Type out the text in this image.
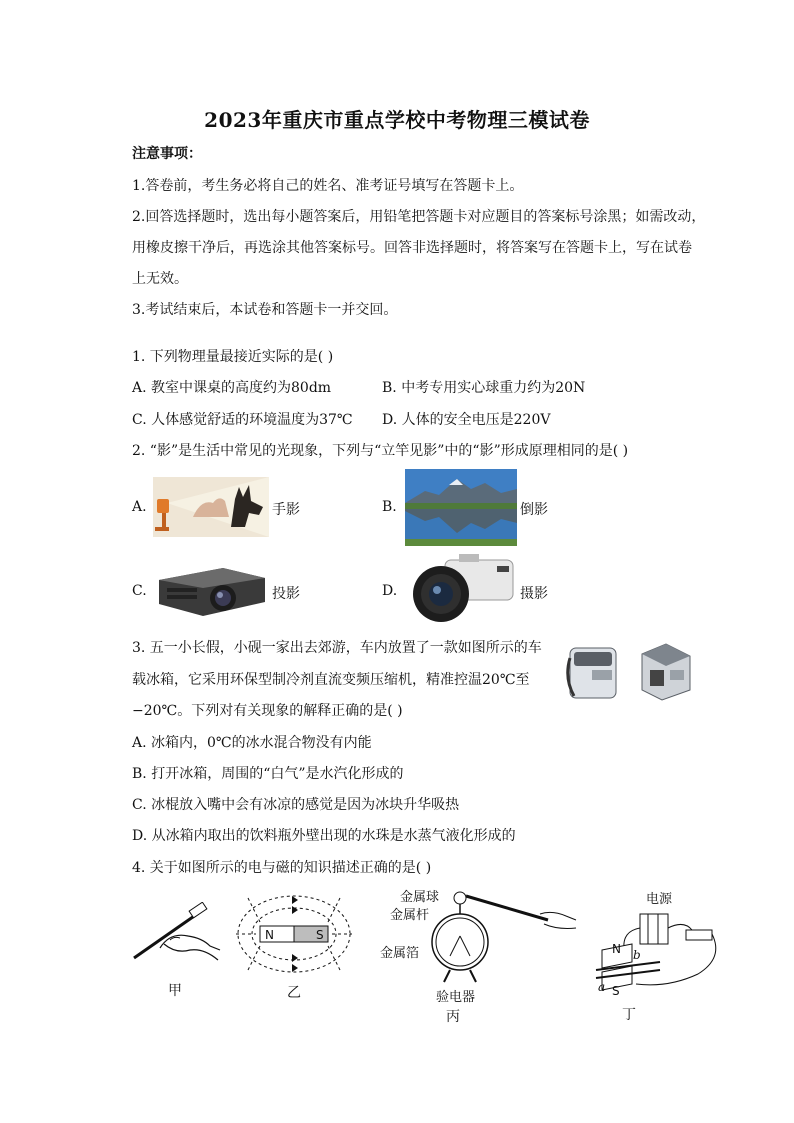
2023年重庆市重点学校中考物理三模试卷
注意事项：
1.答卷前，考生务必将自己的姓名、准考证号填写在答题卡上。
2.回答选择题时，选出每小题答案后，用铅笔把答题卡对应题目的答案标号涂黑；如需改动，
用橡皮擦干净后，再选涂其他答案标号。回答非选择题时，将答案写在答题卡上，写在试卷
上无效。
3.考试结束后，本试卷和答题卡一并交回。
1. 下列物理量最接近实际的是( )
A. 教室中课桌的高度约为80dm	B. 中考专用实心球重力约为20N
C. 人体感觉舒适的环境温度为37℃ D. 人体的安全电压是220V
2. “影”是生活中常见的光现象，下列与“立竿见影”中的“影”形成原理相同的是( )
A.	手影	B.	倒影
C.	投影	D.	摄影
3. 五一小长假，小砚一家出去郊游，车内放置了一款如图所示的车
载冰箱，它采用环保型制冷剂直流变频压缩机，精准控温20℃至
−20℃。下列对有关现象的解释正确的是( )
A. 冰箱内，0℃的冰水混合物没有内能
B. 打开冰箱，周围的“白气”是水汽化形成的
C. 冰棍放入嘴中会有冰凉的感觉是因为冰块升华吸热
D. 从冰箱内取出的饮料瓶外壁出现的水珠是水蒸气液化形成的
4. 关于如图所示的电与磁的知识描述正确的是( )
甲
N	S
乙
金属球
金属杆
金属箔
验电器
丙
电源
N
S
a
b
丁
